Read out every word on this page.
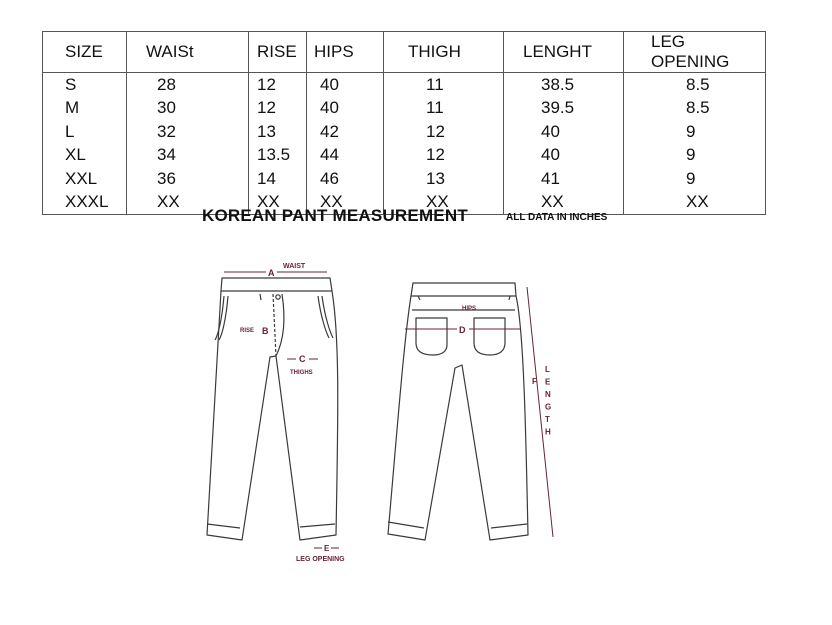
SIZE	WAISt	RISE	HIPS	THIGH	LENGHT	LEG OPENING
S	28	12	40	11	38.5	8.5
M	30	12	40	11	39.5	8.5
L	32	13	42	12	40	9
XL	34	13.5	44	12	40	9
XXL	36	14	46	13	41	9
XXXL	XX	XX	XX	XX	XX	XX
KOREAN PANT MEASUREMENT	ALL DATA IN INCHES
WAIST
A
RISE B
C
THIGHS
E
LEG OPENING
HIPS
D
F
L
E
N
G
T
H
